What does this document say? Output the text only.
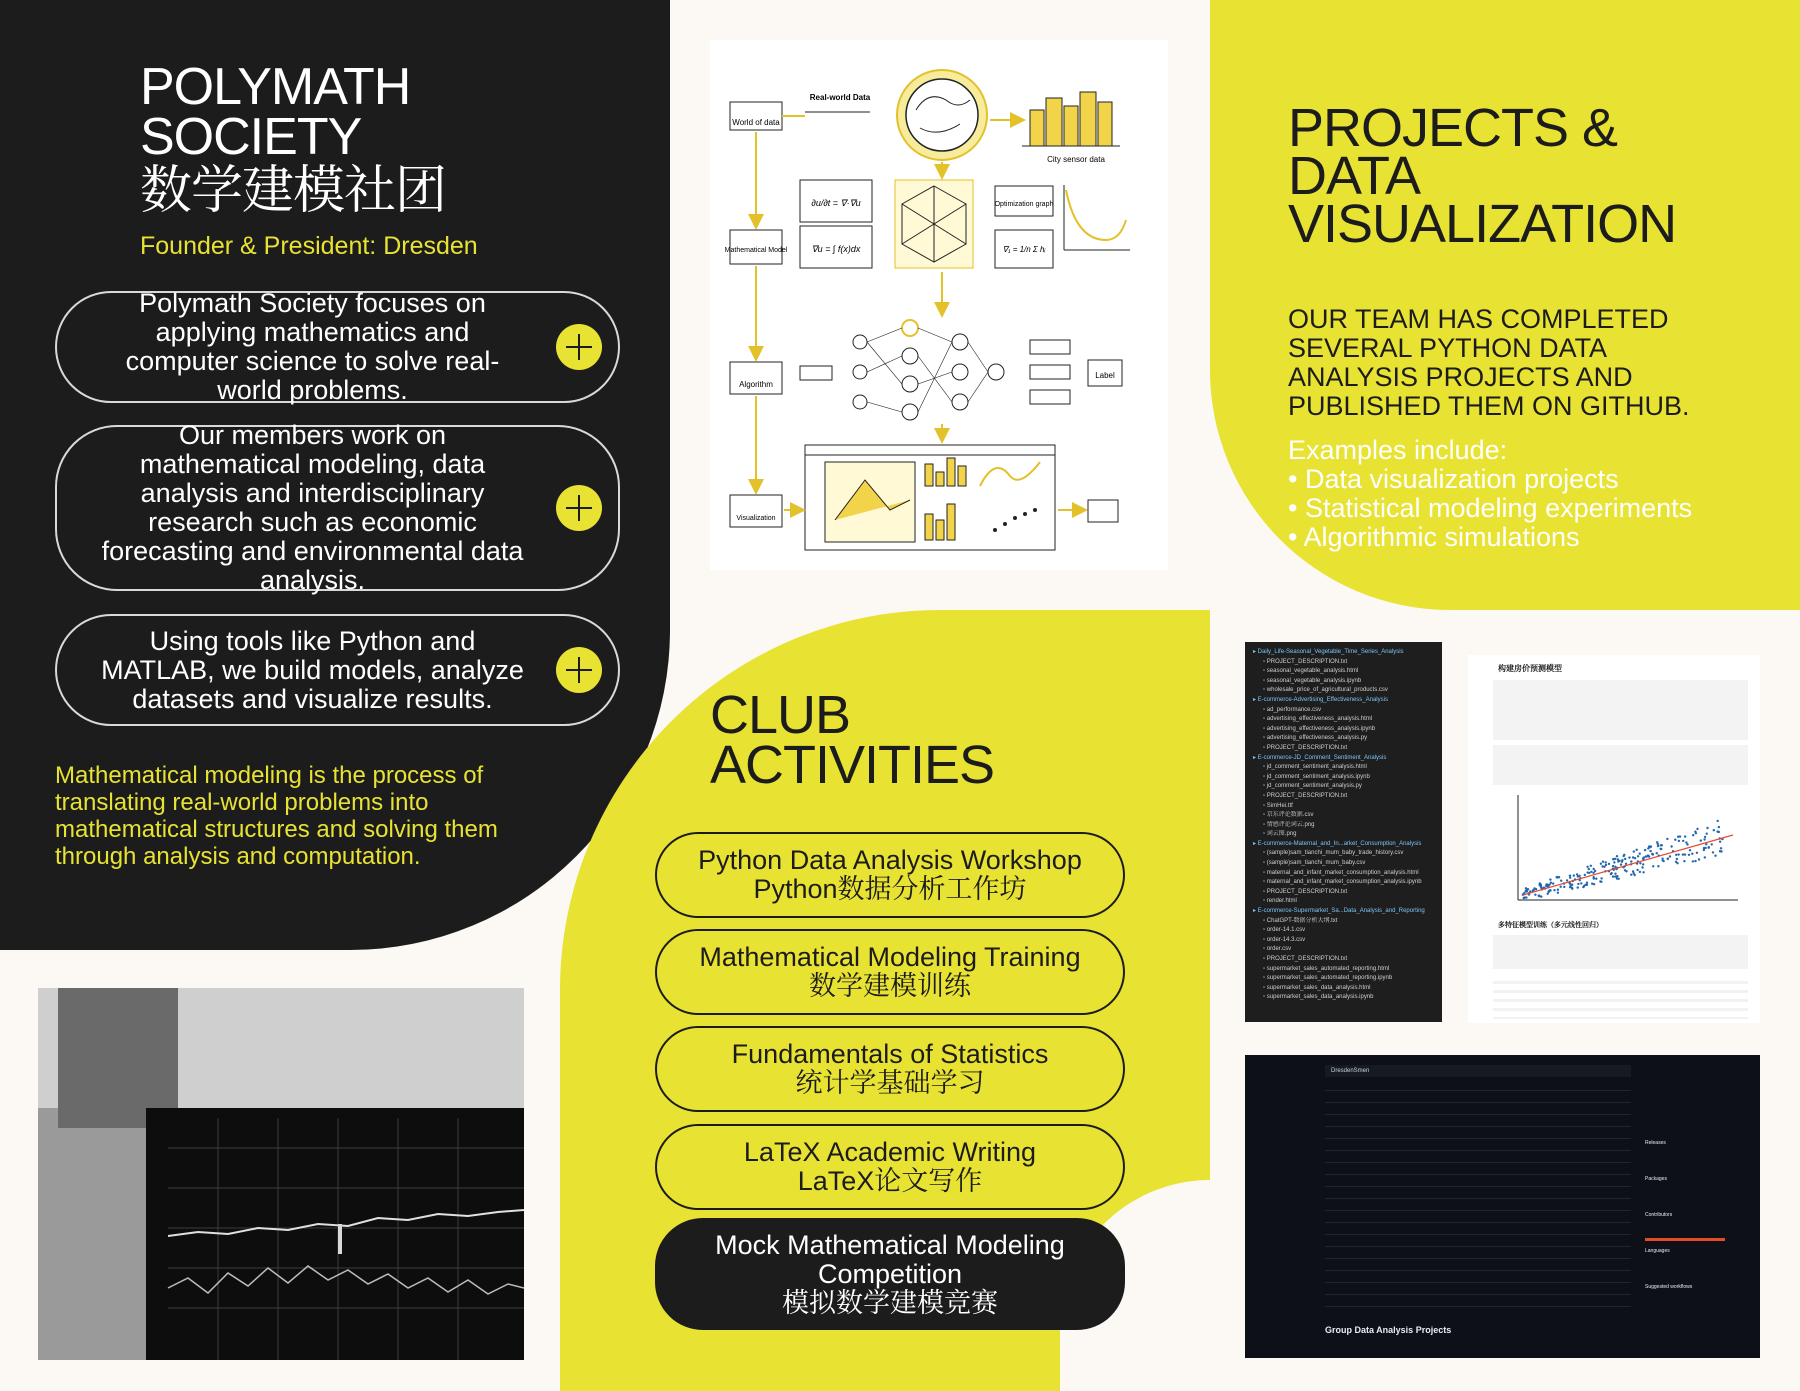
POLYMATH
SOCIETY
数学建模社团
Founder & President: Dresden
Polymath Society focuses on applying mathematics and computer science to solve real-world problems.
Our members work on mathematical modeling, data analysis and interdisciplinary research such as economic forecasting and environmental data analysis.
Using tools like Python and MATLAB, we build models, analyze datasets and visualize results.
Mathematical modeling is the process of translating real-world problems into mathematical structures and solving them through analysis and computation.
World of data
Mathematical Model
Algorithm
Visualization
Real-world Data
City sensor data
∂u/∂t = ∇·∇u
∇u = ∫ f(x)dx
Optimization graph
∇₁ = 1/n Σ hᵢ
Label
PROJECTS &
DATA
VISUALIZATION
OUR TEAM HAS COMPLETED SEVERAL PYTHON DATA ANALYSIS PROJECTS AND PUBLISHED THEM ON GITHUB.
Examples include:
• Data visualization projects
• Statistical modeling experiments
• Algorithmic simulations
CLUB
ACTIVITIES
Python Data Analysis Workshop
Python数据分析工作坊
Mathematical Modeling Training
数学建模训练
Fundamentals of Statistics
统计学基础学习
LaTeX Academic Writing
LaTeX论文写作
Mock Mathematical Modeling Competition
模拟数学建模竞赛
▸ Daily_Life-Seasonal_Vegetable_Time_Series_Analysis
▫ PROJECT_DESCRIPTION.txt
▫ seasonal_vegetable_analysis.html
▫ seasonal_vegetable_analysis.ipynb
▫ wholesale_price_of_agricultural_products.csv
▸ E-commerce-Advertising_Effectiveness_Analysis
▫ ad_performance.csv
▫ advertising_effectiveness_analysis.html
▫ advertising_effectiveness_analysis.ipynb
▫ advertising_effectiveness_analysis.py
▫ PROJECT_DESCRIPTION.txt
▸ E-commerce-JD_Comment_Sentiment_Analysis
▫ jd_comment_sentiment_analysis.html
▫ jd_comment_sentiment_analysis.ipynb
▫ jd_comment_sentiment_analysis.py
▫ PROJECT_DESCRIPTION.txt
▫ SimHei.ttf
▫ 京东评论数据.csv
▫ 情感评论词云.png
▫ 词云图.png
▸ E-commerce-Maternal_and_In...arket_Consumption_Analysis
▫ (sample)sam_tianchi_mum_baby_trade_history.csv
▫ (sample)sam_tianchi_mum_baby.csv
▫ maternal_and_infant_market_consumption_analysis.html
▫ maternal_and_infant_market_consumption_analysis.ipynb
▫ PROJECT_DESCRIPTION.txt
▫ render.html
▸ E-commerce-Supermarket_Sa...Data_Analysis_and_Reporting
▫ ChatGPT-数据分析大纲.txt
▫ order-14.1.csv
▫ order-14.3.csv
▫ order.csv
▫ PROJECT_DESCRIPTION.txt
▫ supermarket_sales_automated_reporting.html
▫ supermarket_sales_automated_reporting.ipynb
▫ supermarket_sales_data_analysis.html
▫ supermarket_sales_data_analysis.ipynb
构建房价预测模型
多特征模型训练（多元线性回归）
DresdenSmen
Group Data Analysis Projects
Releases
Packages
Contributors
Languages
Suggested workflows
